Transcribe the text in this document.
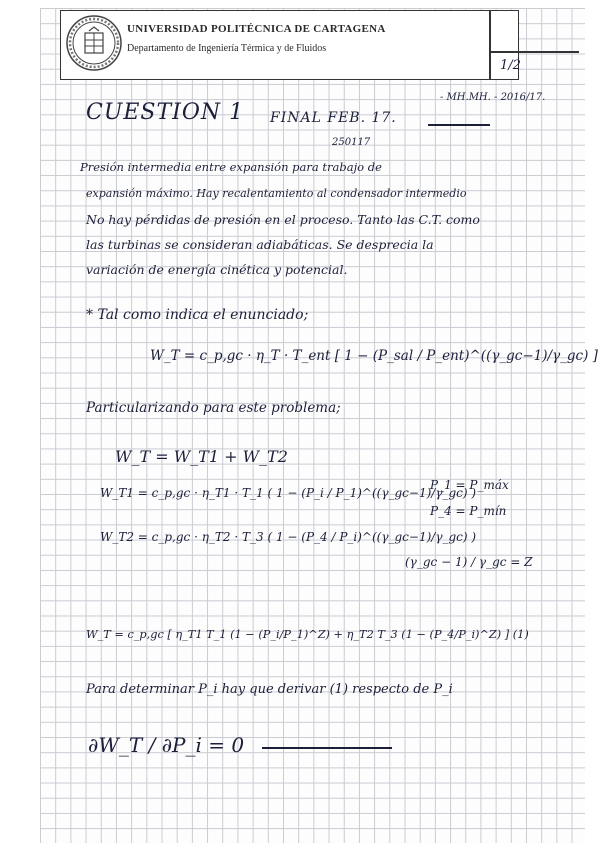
UNIVERSIDAD POLITÉCNICA DE CARTAGENA
Departamento de Ingeniería Térmica y de Fluidos
1/2
- MH.MH. - 2016/17.
CUESTION 1 FINAL FEB. 17.
250117
Presión intermedia entre expansión para trabajo de
expansión máximo. Hay recalentamiento al condensador intermedio
No hay pérdidas de presión en el proceso. Tanto las C.T. como
las turbinas se consideran adiabáticas. Se desprecia la
variación de energía cinética y potencial.
* Tal como indica el enunciado;
W_T = c_p,gc · η_T · T_ent [ 1 − (P_sal / P_ent)^((γ_gc−1)/γ_gc) ]
Particularizando para este problema;
W_T = W_T1 + W_T2
W_T1 = c_p,gc · η_T1 · T_1 ( 1 − (P_i / P_1)^((γ_gc−1)/γ_gc) )
W_T2 = c_p,gc · η_T2 · T_3 ( 1 − (P_4 / P_i)^((γ_gc−1)/γ_gc) )
P_1 = P_máx
P_4 = P_mín
(γ_gc − 1) / γ_gc = Z
W_T = c_p,gc [ η_T1 T_1 (1 − (P_i/P_1)^Z) + η_T2 T_3 (1 − (P_4/P_i)^Z) ] (1)
Para determinar P_i hay que derivar (1) respecto de P_i
∂W_T / ∂P_i = 0
